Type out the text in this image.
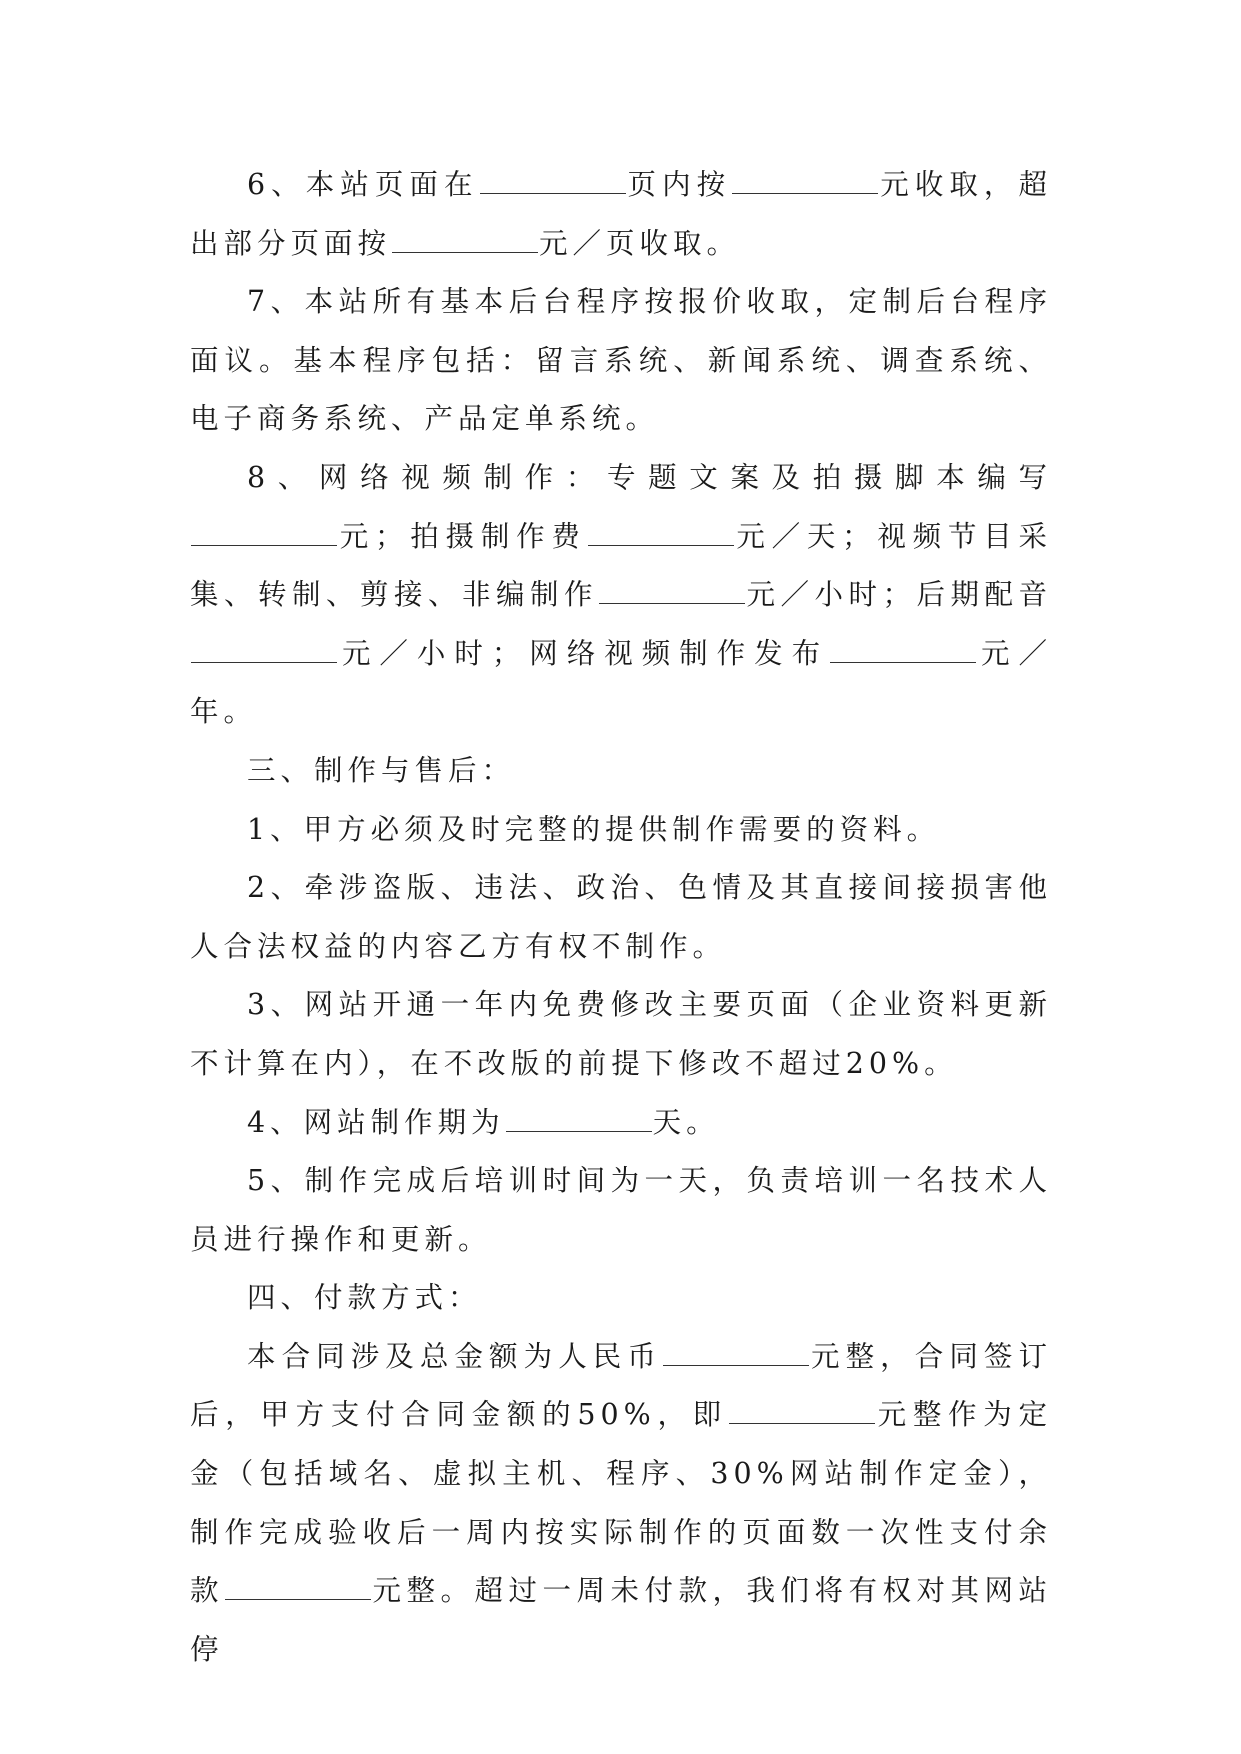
6、本站页面在	页内按	元收取，超出部分页面按	元／页收取。

7、本站所有基本后台程序按报价收取，定制后台程序面议。基本程序包括：留言系统、新闻系统、调查系统、电子商务系统、产品定单系统。

8、网络视频制作：专题文案及拍摄脚本编写元；拍摄制作费	元／天；视频节目采集、转制、剪接、非编制作	元／小时；后期配音元／小时；网络视频制作发布	元／年。

三、制作与售后：

1、甲方必须及时完整的提供制作需要的资料。

2、牵涉盗版、违法、政治、色情及其直接间接损害他人合法权益的内容乙方有权不制作。

3、网站开通一年内免费修改主要页面（企业资料更新不计算在内），在不改版的前提下修改不超过20%。

4、网站制作期为	天。

5、制作完成后培训时间为一天，负责培训一名技术人员进行操作和更新。

四、付款方式：

本合同涉及总金额为人民币	元整，合同签订后，甲方支付合同金额的50%，即	元整作为定金（包括域名、虚拟主机、程序、30%网站制作定金），制作完成验收后一周内按实际制作的页面数一次性支付余款	元整。超过一周未付款，我们将有权对其网站停
